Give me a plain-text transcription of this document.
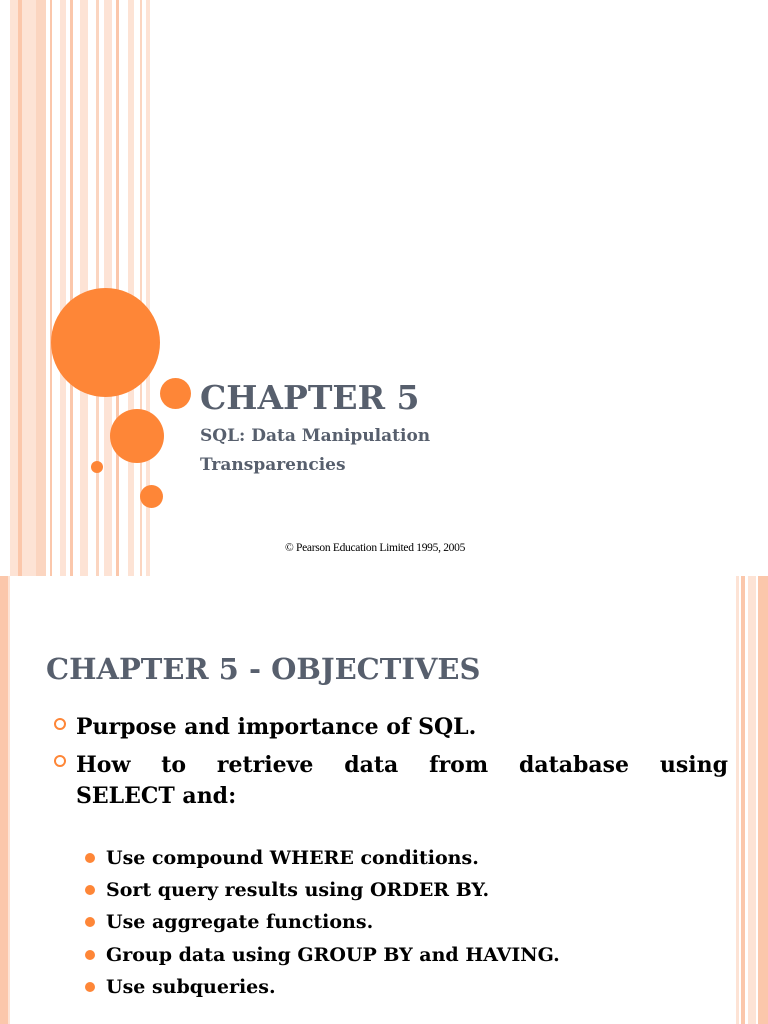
CHAPTER 5
SQL: Data Manipulation
Transparencies
© Pearson Education Limited 1995, 2005
CHAPTER 5 - OBJECTIVES
Purpose and importance of SQL.
How to retrieve data from database using
SELECT and:
Use compound WHERE conditions.
Sort query results using ORDER BY.
Use aggregate functions.
Group data using GROUP BY and HAVING.
Use subqueries.
